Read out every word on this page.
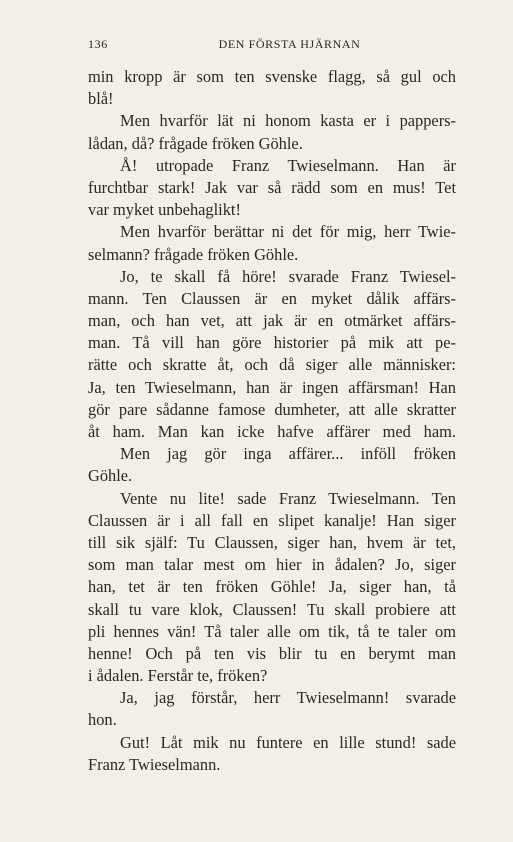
136	DEN FÖRSTA HJÄRNAN
min kropp är som ten svenske flagg, så gul och
blå!
Men hvarför lät ni honom kasta er i pappers-
lådan, då? frågade fröken Göhle.
Å! utropade Franz Twieselmann. Han är
furchtbar stark! Jak var så rädd som en mus! Tet
var myket unbehaglikt!
Men hvarför berättar ni det för mig, herr Twie-
selmann? frågade fröken Göhle.
Jo, te skall få höre! svarade Franz Twiesel-
mann. Ten Claussen är en myket dålik affärs-
man, och han vet, att jak är en otmärket affärs-
man. Tå vill han göre historier på mik att pe-
rätte och skratte åt, och då siger alle människer:
Ja, ten Twieselmann, han är ingen affärsman! Han
gör pare sådanne famose dumheter, att alle skratter
åt ham. Man kan icke hafve affärer med ham.
Men jag gör inga affärer... inföll fröken
Göhle.
Vente nu lite! sade Franz Twieselmann. Ten
Claussen är i all fall en slipet kanalje! Han siger
till sik själf: Tu Claussen, siger han, hvem är tet,
som man talar mest om hier in ådalen? Jo, siger
han, tet är ten fröken Göhle! Ja, siger han, tå
skall tu vare klok, Claussen! Tu skall probiere att
pli hennes vän! Tå taler alle om tik, tå te taler om
henne! Och på ten vis blir tu en berymt man
i ådalen. Ferstår te, fröken?
Ja, jag förstår, herr Twieselmann! svarade
hon.
Gut! Låt mik nu funtere en lille stund! sade
Franz Twieselmann.
